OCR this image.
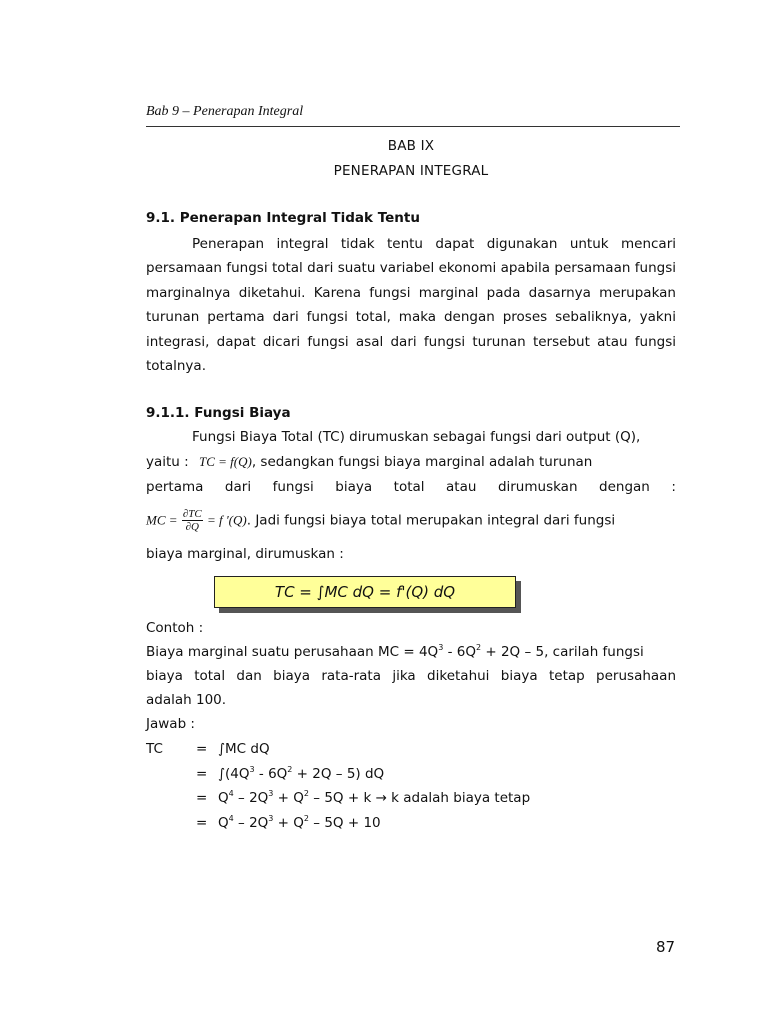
Bab 9 – Penerapan Integral
BAB IX
PENERAPAN INTEGRAL
9.1. Penerapan Integral Tidak Tentu
Penerapan integral tidak tentu dapat digunakan untuk mencari persamaan fungsi total dari suatu variabel ekonomi apabila persamaan fungsi marginalnya diketahui. Karena fungsi marginal pada dasarnya merupakan turunan pertama dari fungsi total, maka dengan proses sebaliknya, yakni integrasi, dapat dicari fungsi asal dari fungsi turunan tersebut atau fungsi totalnya.
9.1.1. Fungsi Biaya
Fungsi Biaya Total (TC) dirumuskan sebagai fungsi dari output (Q),
yaitu : TC = f(Q), sedangkan fungsi biaya marginal adalah turunan
pertama dari fungsi biaya total atau dirumuskan dengan :
MC = $\frac{\partial TC}{\partial Q} = f$ '(Q). Jadi fungsi biaya total merupakan integral dari fungsi
biaya marginal, dirumuskan :
TC = ∫MC dQ = f'(Q) dQ
Contoh :
Biaya marginal suatu perusahaan MC = $4Q^3 - 6Q^2 + 2Q - 5$, carilah fungsi
biaya total dan biaya rata-rata jika diketahui biaya tetap perusahaan
adalah 100.
Jawab :
TC = ∫MC dQ
= $\int(4Q^3 - 6Q^2 + 2Q - 5)$ dQ
= $Q^4 - 2Q^3 + Q^2 - 5Q + k \to k$ adalah biaya tetap
= $Q^4 - 2Q^3 + Q^2 - 5Q + 10$
87
